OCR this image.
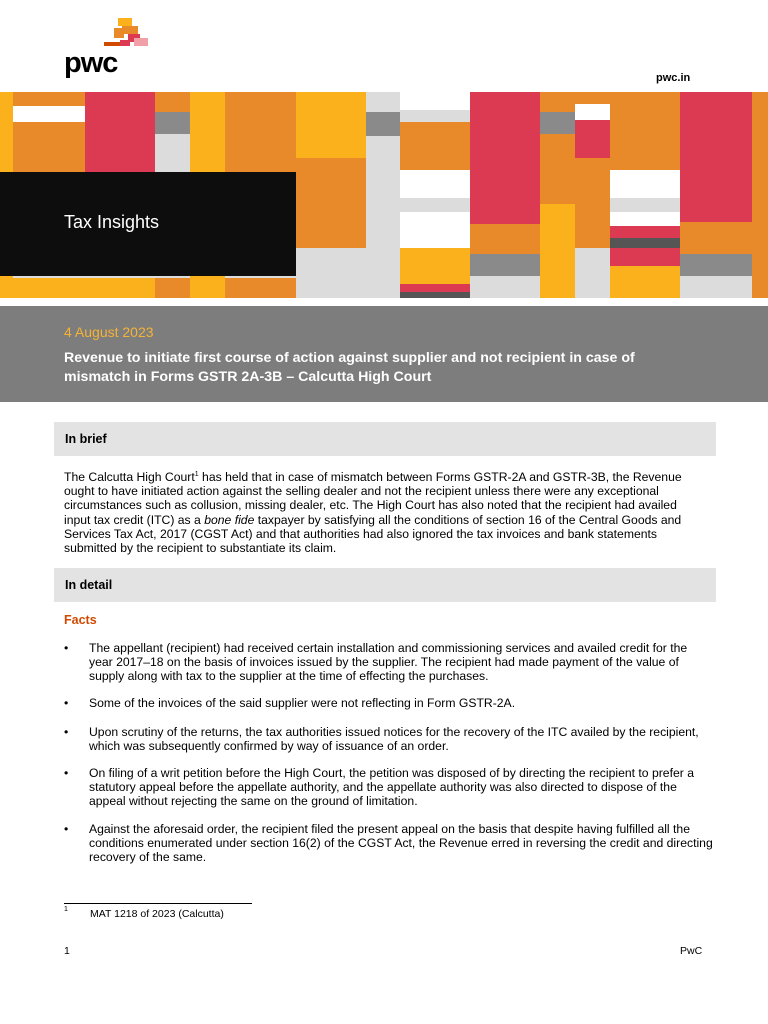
pwc	pwc.in
Tax Insights
4 August 2023
Revenue to initiate first course of action against supplier and not recipient in case of mismatch in Forms GSTR 2A-3B – Calcutta High Court
In brief
The Calcutta High Court$^1$ has held that in case of mismatch between Forms GSTR-2A and GSTR-3B, the Revenue ought to have initiated action against the selling dealer and not the recipient unless there were any exceptional circumstances such as collusion, missing dealer, etc. The High Court has also noted that the recipient had availed input tax credit (ITC) as a bone fide taxpayer by satisfying all the conditions of section 16 of the Central Goods and Services Tax Act, 2017 (CGST Act) and that authorities had also ignored the tax invoices and bank statements submitted by the recipient to substantiate its claim.
In detail
Facts
• The appellant (recipient) had received certain installation and commissioning services and availed credit for the year 2017–18 on the basis of invoices issued by the supplier. The recipient had made payment of the value of supply along with tax to the supplier at the time of effecting the purchases.
• Some of the invoices of the said supplier were not reflecting in Form GSTR-2A.
• Upon scrutiny of the returns, the tax authorities issued notices for the recovery of the ITC availed by the recipient, which was subsequently confirmed by way of issuance of an order.
• On filing of a writ petition before the High Court, the petition was disposed of by directing the recipient to prefer a statutory appeal before the appellate authority, and the appellate authority was also directed to dispose of the appeal without rejecting the same on the ground of limitation.
• Against the aforesaid order, the recipient filed the present appeal on the basis that despite having fulfilled all the conditions enumerated under section 16(2) of the CGST Act, the Revenue erred in reversing the credit and directing recovery of the same.
1 MAT 1218 of 2023 (Calcutta)
1	PwC
